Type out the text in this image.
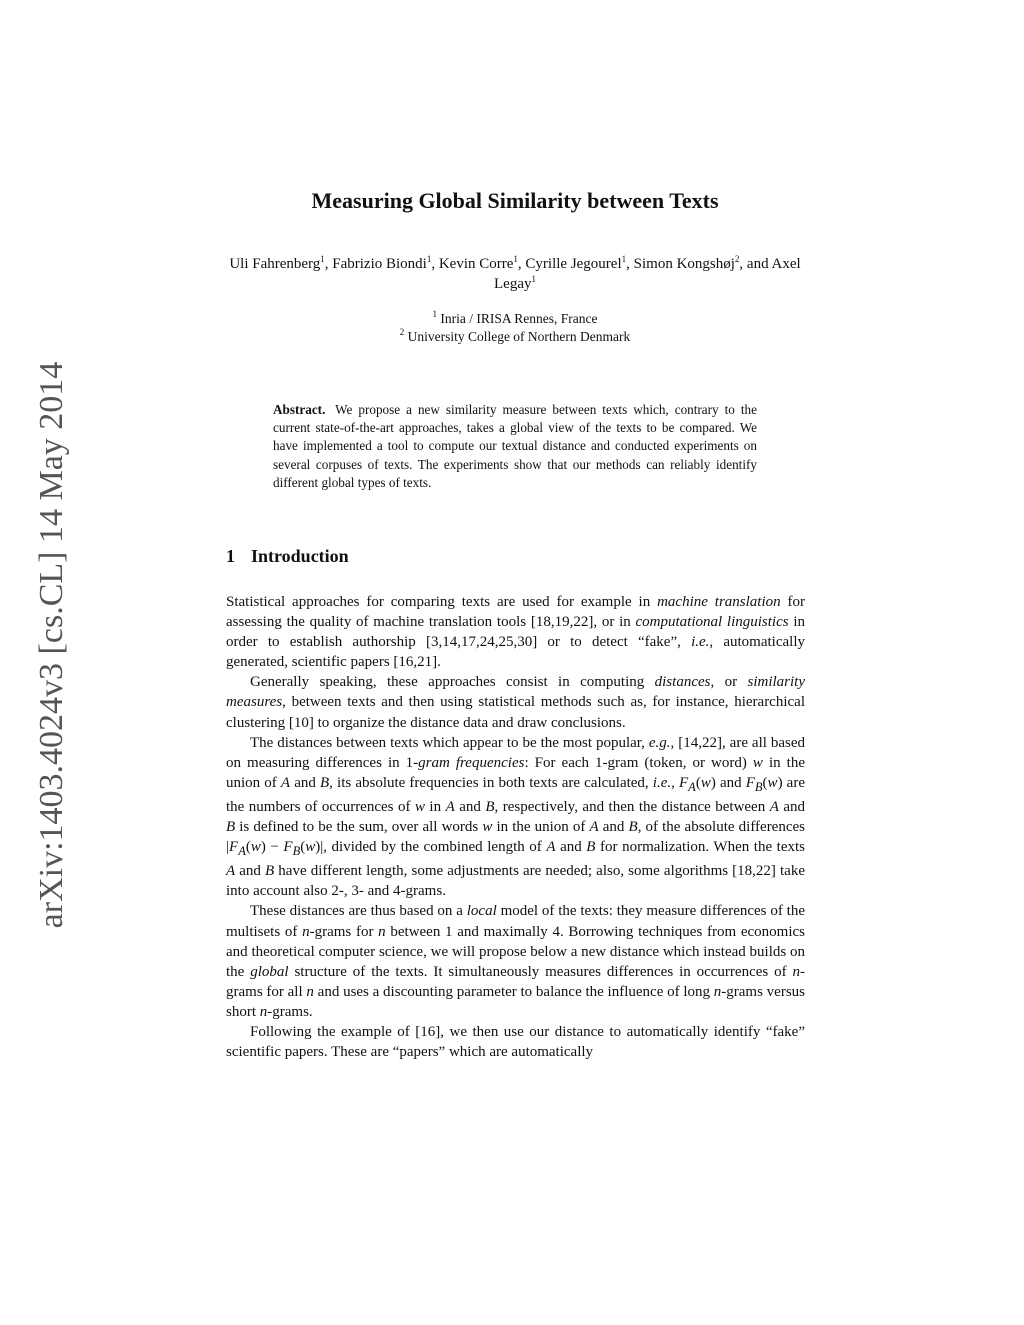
arXiv:1403.4024v3 [cs.CL] 14 May 2014
Measuring Global Similarity between Texts
Uli Fahrenberg$^1$, Fabrizio Biondi$^1$, Kevin Corre$^1$, Cyrille Jegourel$^1$, Simon Kongshøj$^2$, and Axel Legay$^1$
$^1$ Inria / IRISA Rennes, France
$^2$ University College of Northern Denmark
Abstract. We propose a new similarity measure between texts which, contrary to the current state-of-the-art approaches, takes a global view of the texts to be compared. We have implemented a tool to compute our textual distance and conducted experiments on several corpuses of texts. The experiments show that our methods can reliably identify different global types of texts.
1 Introduction

Statistical approaches for comparing texts are used for example in machine translation for assessing the quality of machine translation tools [18,19,22], or in computational linguistics in order to establish authorship [3,14,17,24,25,30] or to detect “fake”, i.e., automatically generated, scientific papers [16,21].

Generally speaking, these approaches consist in computing distances, or similarity measures, between texts and then using statistical methods such as, for instance, hierarchical clustering [10] to organize the distance data and draw conclusions.

The distances between texts which appear to be the most popular, e.g., [14,22], are all based on measuring differences in 1-gram frequencies: For each 1-gram (token, or word) w in the union of A and B, its absolute frequencies in both texts are calculated, i.e., $F_A(w)$ and $F_B(w)$ are the numbers of occurrences of w in A and B, respectively, and then the distance between A and B is defined to be the sum, over all words w in the union of A and B, of the absolute differences $|F_A(w) - F_B(w)|$, divided by the combined length of A and B for normalization. When the texts A and B have different length, some adjustments are needed; also, some algorithms [18,22] take into account also 2-, 3- and 4-grams.

These distances are thus based on a local model of the texts: they measure differences of the multisets of n-grams for n between 1 and maximally 4. Borrowing techniques from economics and theoretical computer science, we will propose below a new distance which instead builds on the global structure of the texts. It simultaneously measures differences in occurrences of n-grams for all n and uses a discounting parameter to balance the influence of long n-grams versus short n-grams.

Following the example of [16], we then use our distance to automatically identify “fake” scientific papers. These are “papers” which are automatically
